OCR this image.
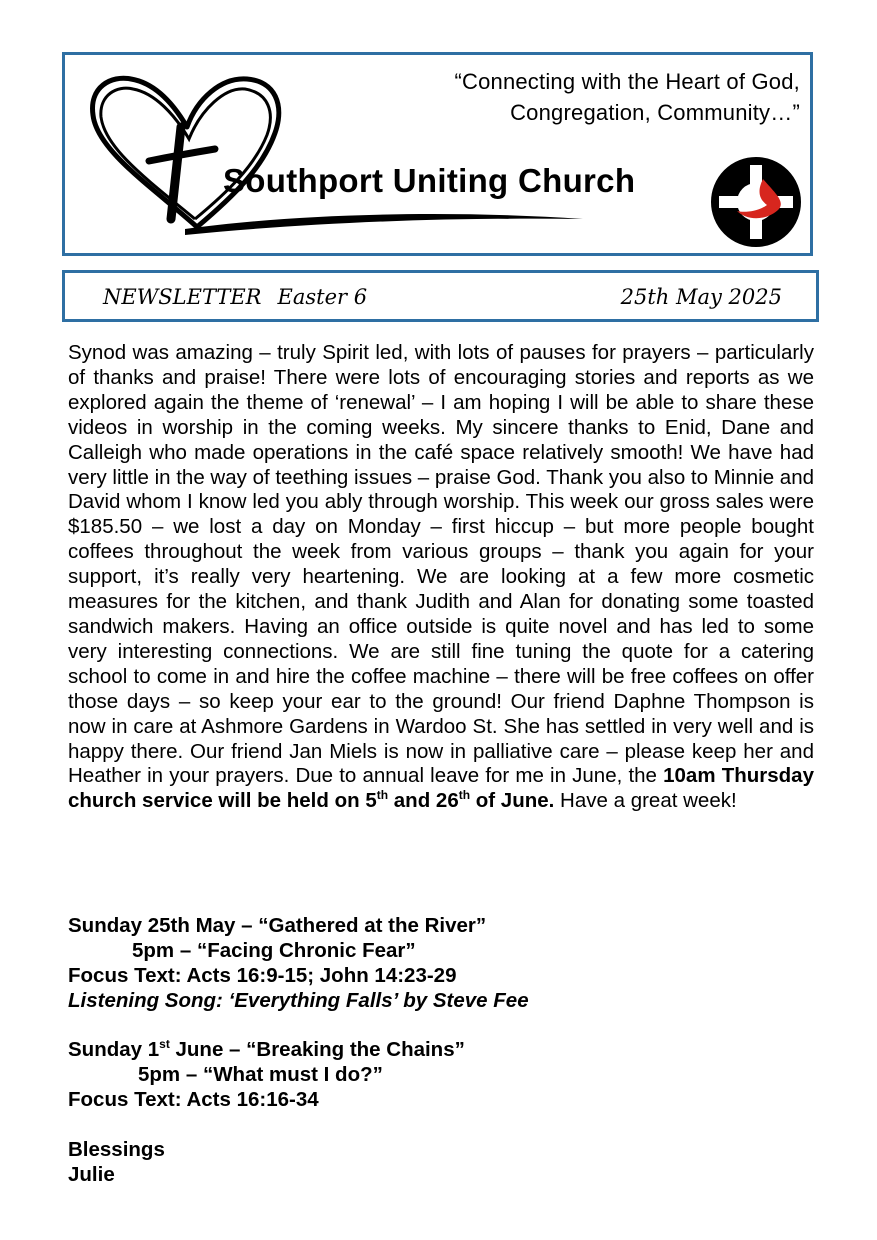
“Connecting with the Heart of God,
Congregation, Community…”
Southport Uniting Church
NEWSLETTER Easter 6	25th May 2025
Synod was amazing – truly Spirit led, with lots of pauses for prayers – particularly of thanks and praise! There were lots of encouraging stories and reports as we explored again the theme of ‘renewal’ – I am hoping I will be able to share these videos in worship in the coming weeks. My sincere thanks to Enid, Dane and Calleigh who made operations in the café space relatively smooth! We have had very little in the way of teething issues – praise God. Thank you also to Minnie and David whom I know led you ably through worship. This week our gross sales were $185.50 – we lost a day on Monday – first hiccup – but more people bought coffees throughout the week from various groups – thank you again for your support, it’s really very heartening. We are looking at a few more cosmetic measures for the kitchen, and thank Judith and Alan for donating some toasted sandwich makers. Having an office outside is quite novel and has led to some very interesting connections. We are still fine tuning the quote for a catering school to come in and hire the coffee machine – there will be free coffees on offer those days – so keep your ear to the ground! Our friend Daphne Thompson is now in care at Ashmore Gardens in Wardoo St. She has settled in very well and is happy there. Our friend Jan Miels is now in palliative care – please keep her and Heather in your prayers. Due to annual leave for me in June, the 10am Thursday church service will be held on 5th and 26th of June. Have a great week!
Sunday 25th May – “Gathered at the River”
5pm – “Facing Chronic Fear”
Focus Text: Acts 16:9-15; John 14:23-29
Listening Song: ‘Everything Falls’ by Steve Fee
Sunday 1st June – “Breaking the Chains”
5pm – “What must I do?”
Focus Text: Acts 16:16-34
Blessings
Julie
